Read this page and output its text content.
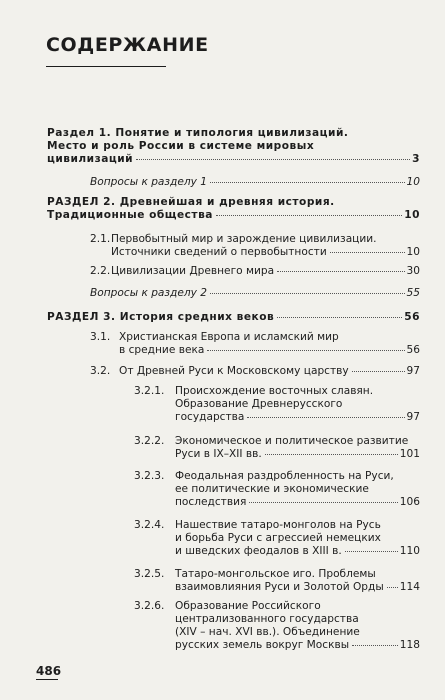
СОДЕРЖАНИЕ
Раздел 1. Понятие и типология цивилизаций.
Место и роль России в системе мировых
цивилизаций	3
Вопросы к разделу 1	10
РАЗДЕЛ 2. Древнейшая и древняя история.
Традиционные общества	10
2.1. Первобытный мир и зарождение цивилизации.
Источники сведений о первобытности	10
2.2. Цивилизации Древнего мира	30
Вопросы к разделу 2	55
РАЗДЕЛ 3. История средних веков	56
3.1. Христианская Европа и исламский мир
в средние века	56
3.2. От Древней Руси к Московскому царству	97
3.2.1. Происхождение восточных славян.
Образование Древнерусского
государства	97
3.2.2. Экономическое и политическое развитие
Руси в IX–XII вв.	101
3.2.3. Феодальная раздробленность на Руси,
ее политические и экономические
последствия	106
3.2.4. Нашествие татаро-монголов на Русь
и борьба Руси с агрессией немецких
и шведских феодалов в XIII в.	110
3.2.5. Татаро-монгольское иго. Проблемы
взаимовлияния Руси и Золотой Орды 114
3.2.6. Образование Российского
централизованного государства
(XIV – нач. XVI вв.). Объединение
русских земель вокруг Москвы	118
486
